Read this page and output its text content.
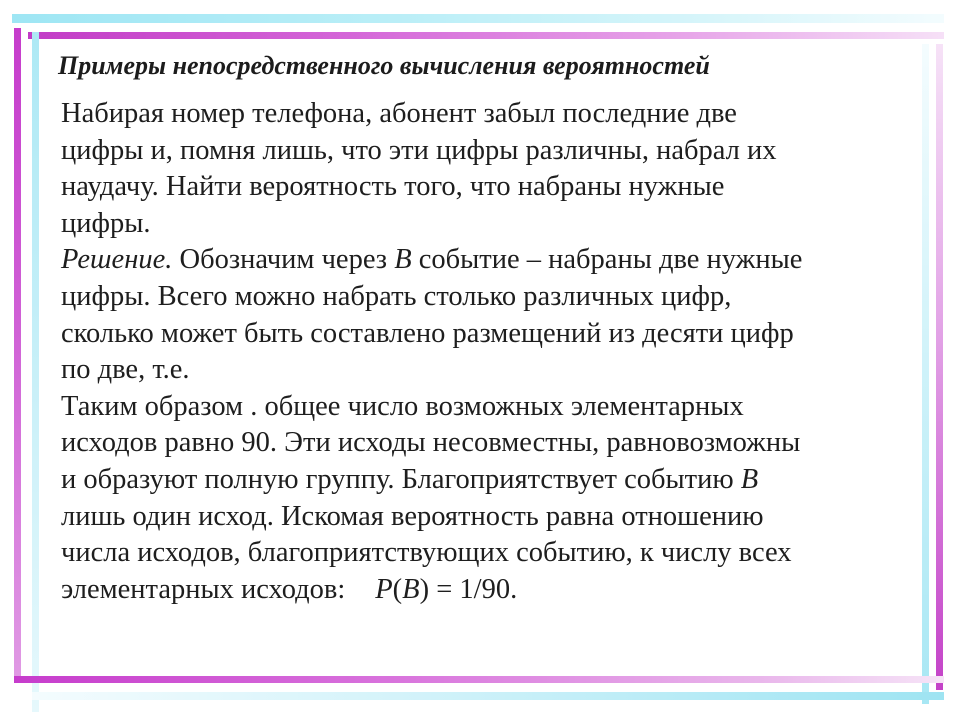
Примеры непосредственного вычисления вероятностей
Набирая номер телефона, абонент забыл последние две
цифры и, помня лишь, что эти цифры различны, набрал их
наудачу. Найти вероятность того, что набраны нужные
цифры.
Решение. Обозначим через B событие – набраны две нужные
цифры. Всего можно набрать столько различных цифр,
сколько может быть составлено размещений из десяти цифр
по две, т.е.
Таким образом . общее число возможных элементарных
исходов равно 90. Эти исходы несовместны, равновозможны
и образуют полную группу. Благоприятствует событию B
лишь один исход. Искомая вероятность равна отношению
числа исходов, благоприятствующих событию, к числу всех
элементарных исходов: P(B) = 1/90.
